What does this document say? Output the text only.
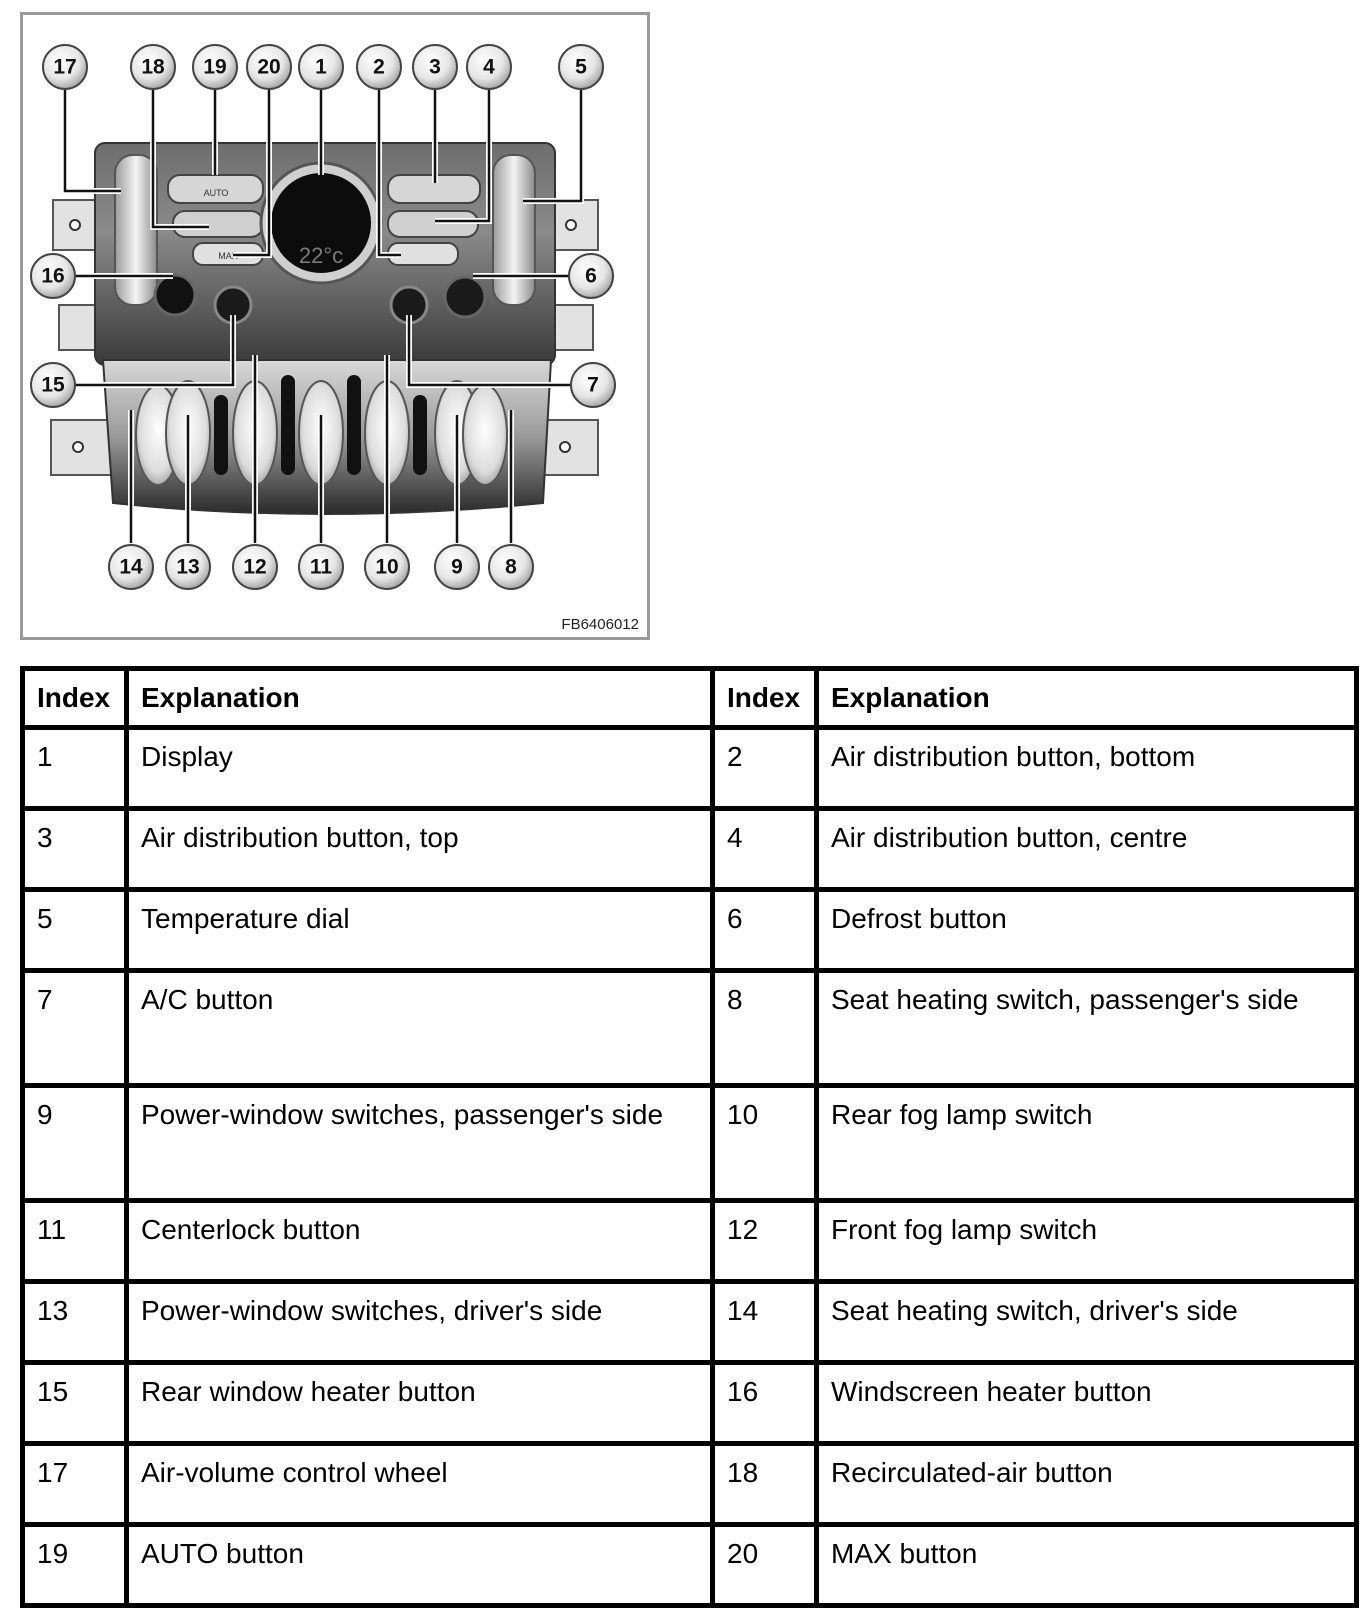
AUTO
MAX	22°c
17	18 19 20 1 2 3 4	5
16	6
15	7
14 13 12 11 10 9 8
FB6406012
Index	Explanation	Index	Explanation
1	Display	2	Air distribution button, bottom
3	Air distribution button, top	4	Air distribution button, centre
5	Temperature dial	6	Defrost button
7	A/C button	8	Seat heating switch, passenger's side
9	Power-window switches, passenger's side	10	Rear fog lamp switch
11	Centerlock button	12	Front fog lamp switch
13	Power-window switches, driver's side	14	Seat heating switch, driver's side
15	Rear window heater button	16	Windscreen heater button
17	Air-volume control wheel	18	Recirculated-air button
19	AUTO button	20	MAX button
